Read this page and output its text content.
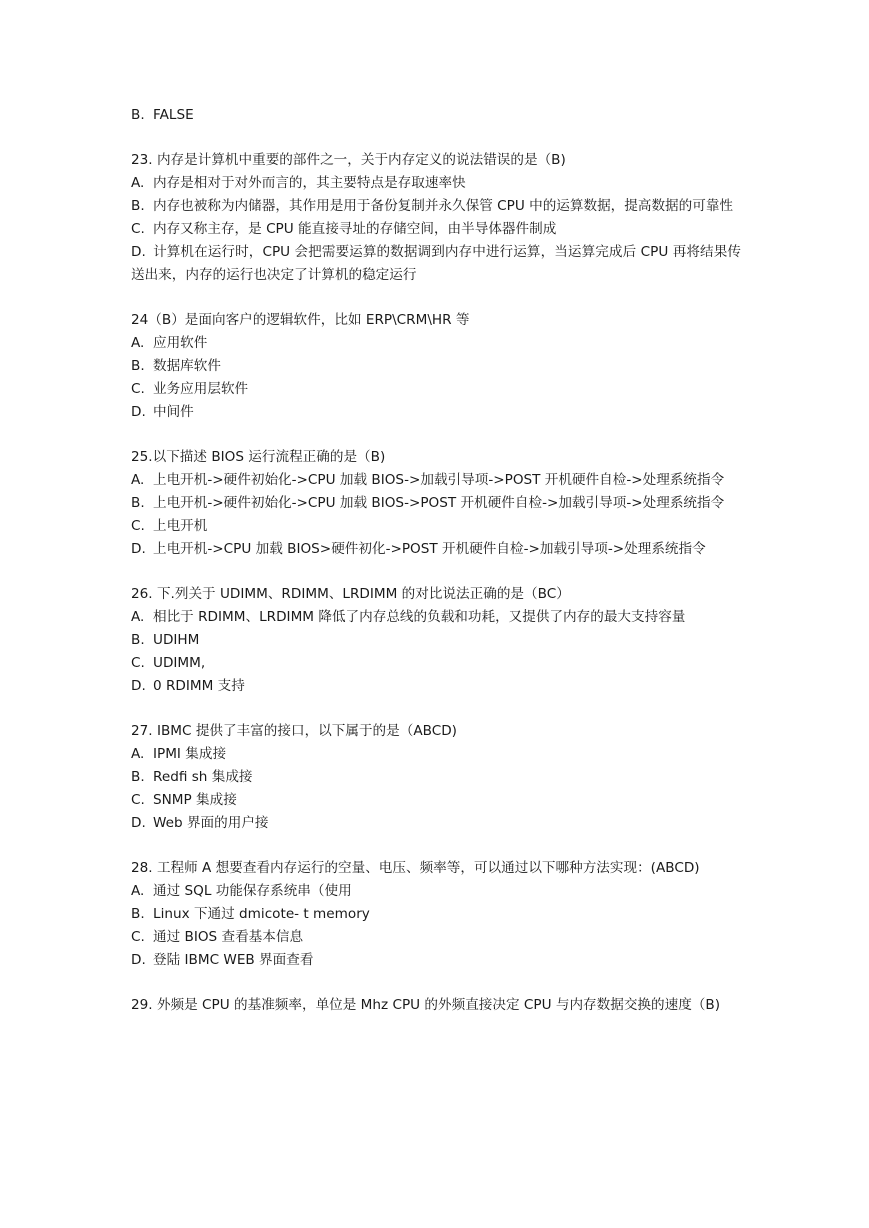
B. FALSE

23. 内存是计算机中重要的部件之一，关于内存定义的说法错误的是（B)

A. 内存是相对于对外而言的，其主要特点是存取速率快

B. 内存也被称为内储器，其作用是用于备份复制并永久保管 CPU 中的运算数据，提高数据的可靠性

C. 内存又称主存，是 CPU 能直接寻址的存储空间，由半导体器件制成

D. 计算机在运行时，CPU 会把需要运算的数据调到内存中进行运算，当运算完成后 CPU 再将结果传送出来，内存的运行也决定了计算机的稳定运行

24（B）是面向客户的逻辑软件，比如 ERP\CRM\HR 等

A. 应用软件

B. 数据库软件

C. 业务应用层软件

D. 中间件

25.以下描述 BIOS 运行流程正确的是（B)

A. 上电开机->硬件初始化->CPU 加载 BIOS->加载引导项->POST 开机硬件自检->处理系统指令

B. 上电开机->硬件初始化->CPU 加载 BIOS->POST 开机硬件自检->加载引导项->处理系统指令

C. 上电开机

D. 上电开机->CPU 加载 BIOS>硬件初化->POST 开机硬件自检->加载引导项->处理系统指令

26. 下.列关于 UDIMM、RDIMM、LRDIMM 的对比说法正确的是（BC）

A. 相比于 RDIMM、LRDIMM 降低了内存总线的负载和功耗，又提供了内存的最大支持容量

B. UDIHM

C. UDIMM,

D. 0 RDIMM 支持

27. IBMC 提供了丰富的接口，以下属于的是（ABCD)

A. IPMI 集成接

B. Redfi sh 集成接

C. SNMP 集成接

D. Web 界面的用户接

28. 工程师 A 想要查看内存运行的空量、电压、频率等，可以通过以下哪种方法实现：(ABCD)

A. 通过 SQL 功能保存系统串（使用

B. Linux 下通过 dmicote- t memory

C. 通过 BIOS 查看基本信息

D. 登陆 IBMC WEB 界面查看

29. 外频是 CPU 的基准频率，单位是 Mhz CPU 的外频直接决定 CPU 与内存数据交换的速度（B)
